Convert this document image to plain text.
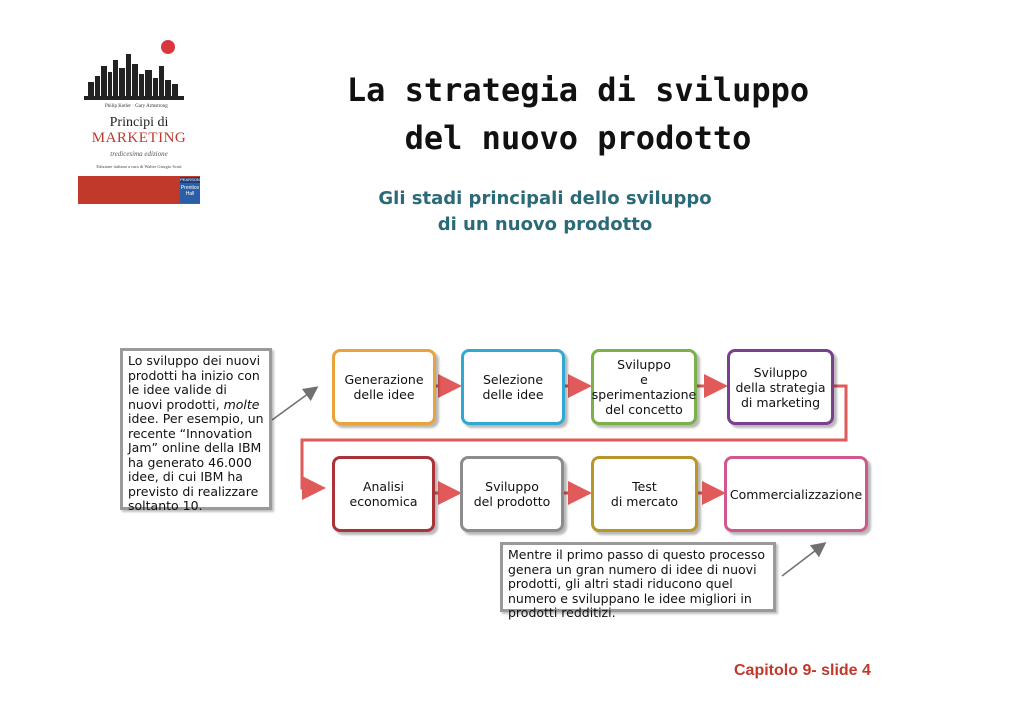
Philip Kotler · Gary Armstrong
Principi di
MARKETING
tredicesima edizione
Edizione italiana a cura di Walter Giorgio Scott
PEARSON
Prentice Hall
La strategia di sviluppo
del nuovo prodotto
Gli stadi principali dello sviluppo
di un nuovo prodotto
Lo sviluppo dei nuovi prodotti ha inizio con le idee valide di nuovi prodotti, molte idee. Per esempio, un recente “Innovation Jam” online della IBM ha generato 46.000 idee, di cui IBM ha previsto di realizzare soltanto 10.
Generazione
delle idee
Selezione
delle idee
Sviluppo
e
sperimentazione
del concetto
Sviluppo
della strategia
di marketing
Analisi
economica
Sviluppo
del prodotto
Test
di mercato	Commercializzazione
Mentre il primo passo di questo processo genera un gran numero di idee di nuovi prodotti, gli altri stadi riducono quel numero e sviluppano le idee migliori in prodotti redditizi.
Capitolo 9- slide 4
